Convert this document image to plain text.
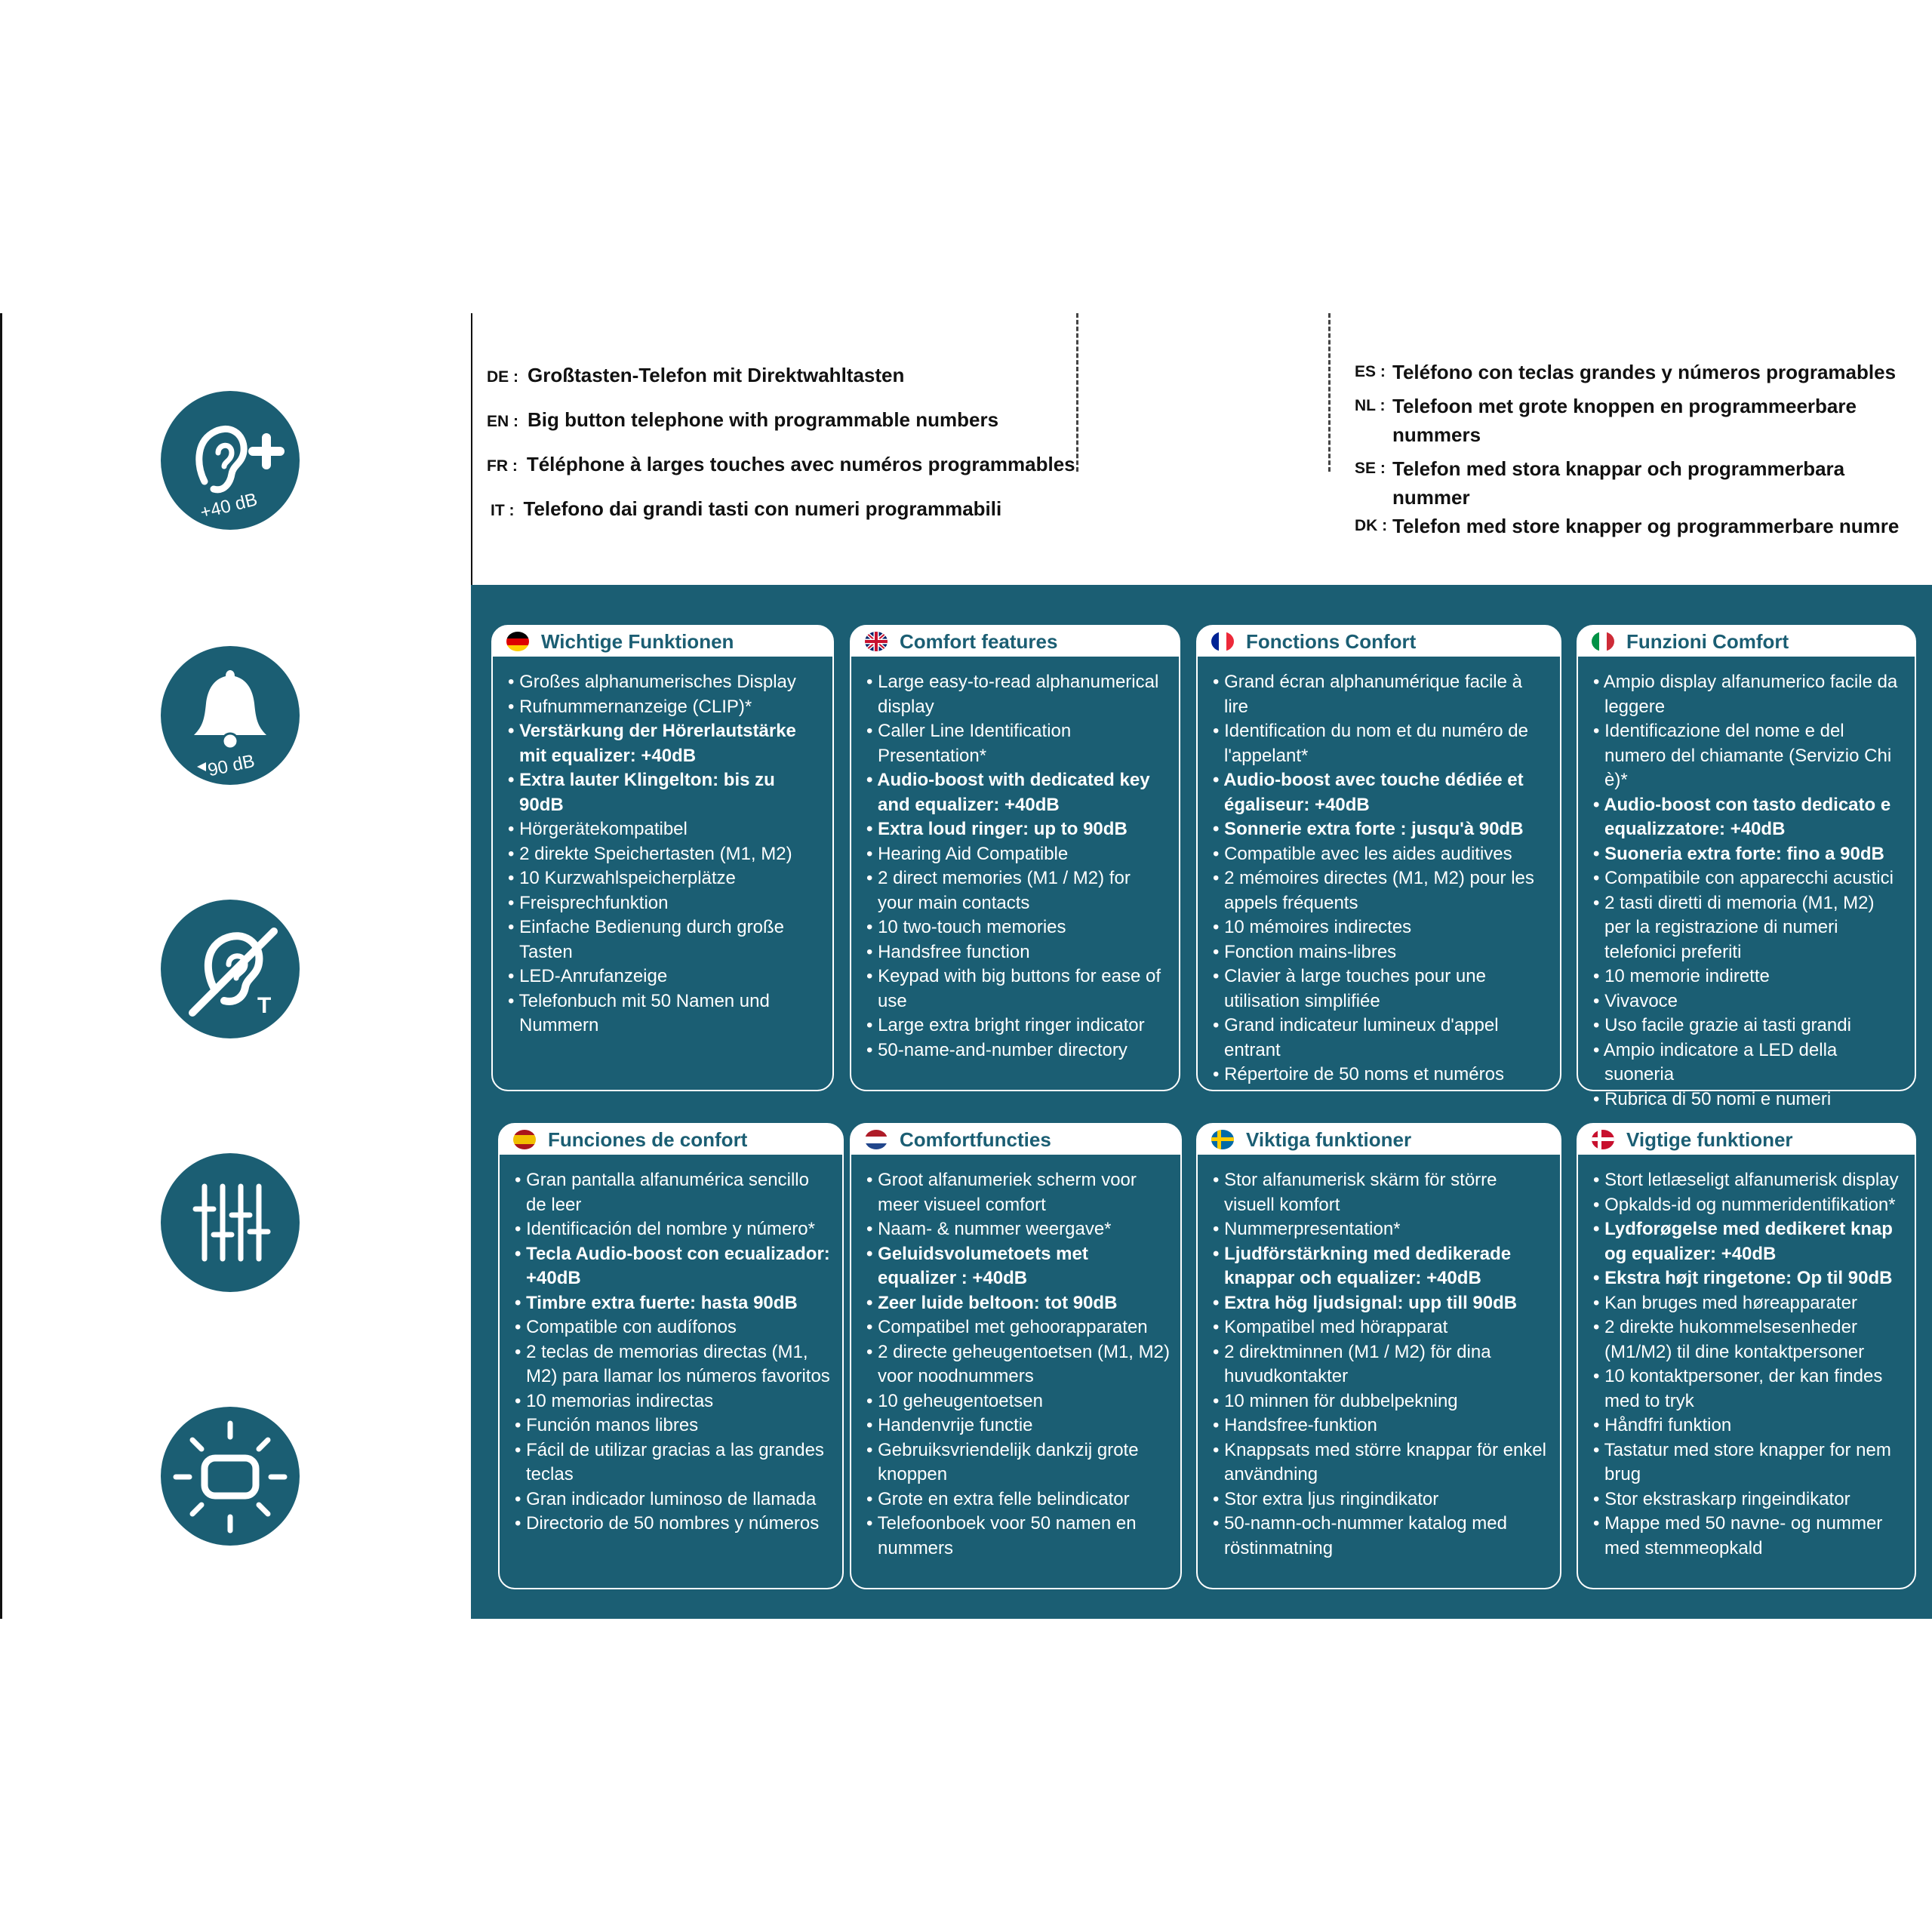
+40 dB
90 dB
T
DE : Großtasten-Telefon mit Direktwahltasten
EN : Big button telephone with programmable numbers
FR : Téléphone à larges touches avec numéros programmables
IT : Telefono dai grandi tasti con numeri programmabili
ES : Teléfono con teclas grandes y números programables
NL : Telefoon met grote knoppen en programmeerbare nummers
SE : Telefon med stora knappar och programmerbara nummer
DK : Telefon med store knapper og programmerbare numre
Wichtige Funktionen
• Großes alphanumerisches Display
• Rufnummernanzeige (CLIP)*
• Verstärkung der Hörerlautstärke mit equalizer: +40dB
• Extra lauter Klingelton: bis zu 90dB
• Hörgerätekompatibel
• 2 direkte Speichertasten (M1, M2)
• 10 Kurzwahlspeicherplätze
• Freisprechfunktion
• Einfache Bedienung durch große Tasten
• LED-Anrufanzeige
• Telefonbuch mit 50 Namen und Nummern
Comfort features
• Large easy-to-read alphanumerical display
• Caller Line Identification Presentation*
• Audio-boost with dedicated key and equalizer: +40dB
• Extra loud ringer: up to 90dB
• Hearing Aid Compatible
• 2 direct memories (M1 / M2) for your main contacts
• 10 two-touch memories
• Handsfree function
• Keypad with big buttons for ease of use
• Large extra bright ringer indicator
• 50-name-and-number directory
Fonctions Confort
• Grand écran alphanumérique facile à lire
• Identification du nom et du numéro de l'appelant*
• Audio-boost avec touche dédiée et égaliseur: +40dB
• Sonnerie extra forte : jusqu'à 90dB
• Compatible avec les aides auditives
• 2 mémoires directes (M1, M2) pour les appels fréquents
• 10 mémoires indirectes
• Fonction mains-libres
• Clavier à large touches pour une utilisation simplifiée
• Grand indicateur lumineux d'appel entrant
• Répertoire de 50 noms et numéros
Funzioni Comfort
• Ampio display alfanumerico facile da leggere
• Identificazione del nome e del numero del chiamante (Servizio Chi è)*
• Audio-boost con tasto dedicato e equalizzatore: +40dB
• Suoneria extra forte: fino a 90dB
• Compatibile con apparecchi acustici
• 2 tasti diretti di memoria (M1, M2) per la registrazione di numeri telefonici preferiti
• 10 memorie indirette
• Vivavoce
• Uso facile grazie ai tasti grandi
• Ampio indicatore a LED della suoneria
• Rubrica di 50 nomi e numeri
Funciones de confort
• Gran pantalla alfanumérica sencillo de leer
• Identificación del nombre y número*
• Tecla Audio-boost con ecualizador: +40dB
• Timbre extra fuerte: hasta 90dB
• Compatible con audífonos
• 2 teclas de memorias directas (M1, M2) para llamar los números favoritos
• 10 memorias indirectas
• Función manos libres
• Fácil de utilizar gracias a las grandes teclas
• Gran indicador luminoso de llamada
• Directorio de 50 nombres y números
Comfortfuncties
• Groot alfanumeriek scherm voor meer visueel comfort
• Naam- & nummer weergave*
• Geluidsvolumetoets met equalizer : +40dB
• Zeer luide beltoon: tot 90dB
• Compatibel met gehoorapparaten
• 2 directe geheugentoetsen (M1, M2) voor noodnummers
• 10 geheugentoetsen
• Handenvrije functie
• Gebruiksvriendelijk dankzij grote knoppen
• Grote en extra felle belindicator
• Telefoonboek voor 50 namen en nummers
Viktiga funktioner
• Stor alfanumerisk skärm för större visuell komfort
• Nummerpresentation*
• Ljudförstärkning med dedikerade knappar och equalizer: +40dB
• Extra hög ljudsignal: upp till 90dB
• Kompatibel med hörapparat
• 2 direktminnen (M1 / M2) för dina huvudkontakter
• 10 minnen för dubbelpekning
• Handsfree-funktion
• Knappsats med större knappar för enkel användning
• Stor extra ljus ringindikator
• 50-namn-och-nummer katalog med röstinmatning
Vigtige funktioner
• Stort letlæseligt alfanumerisk display
• Opkalds-id og nummeridentifikation*
• Lydforøgelse med dedikeret knap og equalizer: +40dB
• Ekstra højt ringetone: Op til 90dB
• Kan bruges med høreapparater
• 2 direkte hukommelsesenheder (M1/M2) til dine kontaktpersoner
• 10 kontaktpersoner, der kan findes med to tryk
• Håndfri funktion
• Tastatur med store knapper for nem brug
• Stor ekstraskarp ringeindikator
• Mappe med 50 navne- og nummer med stemmeopkald
